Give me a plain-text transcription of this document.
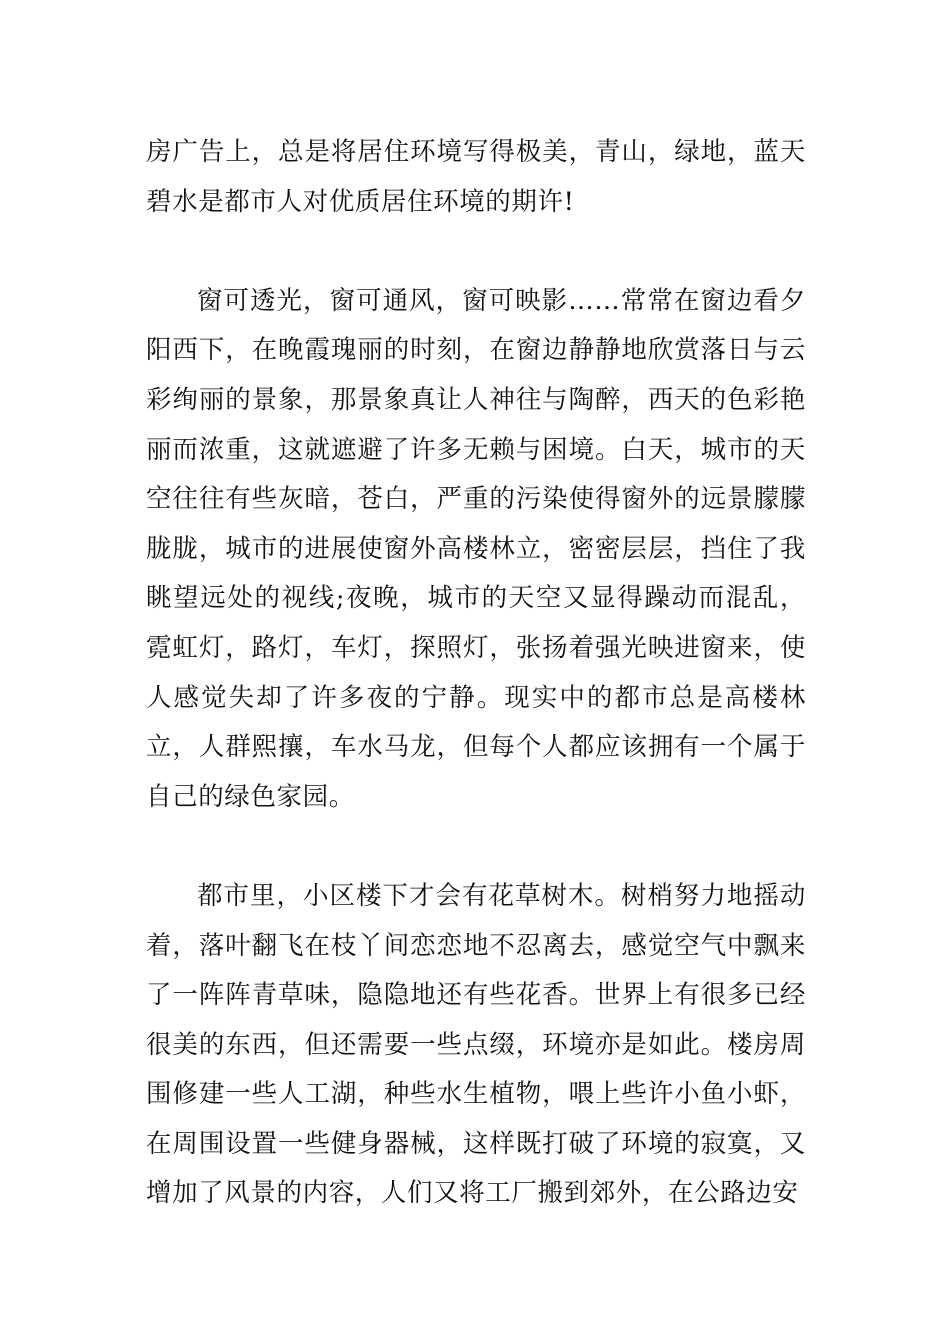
房广告上，总是将居住环境写得极美，青山，绿地，蓝天碧水是都市人对优质居住环境的期许!

窗可透光，窗可通风，窗可映影……常常在窗边看夕阳西下，在晚霞瑰丽的时刻，在窗边静静地欣赏落日与云彩绚丽的景象，那景象真让人神往与陶醉，西天的色彩艳丽而浓重，这就遮避了许多无赖与困境。白天，城市的天空往往有些灰暗，苍白，严重的污染使得窗外的远景朦朦胧胧，城市的进展使窗外高楼林立，密密层层，挡住了我眺望远处的视线;夜晚，城市的天空又显得躁动而混乱，霓虹灯，路灯，车灯，探照灯，张扬着强光映进窗来，使人感觉失却了许多夜的宁静。现实中的都市总是高楼林立，人群熙攘，车水马龙，但每个人都应该拥有一个属于自己的绿色家园。

都市里，小区楼下才会有花草树木。树梢努力地摇动着，落叶翻飞在枝丫间恋恋地不忍离去，感觉空气中飘来了一阵阵青草味，隐隐地还有些花香。世界上有很多已经很美的东西，但还需要一些点缀，环境亦是如此。楼房周围修建一些人工湖，种些水生植物，喂上些许小鱼小虾，在周围设置一些健身器械，这样既打破了环境的寂寞，又增加了风景的内容，人们又将工厂搬到郊外，在公路边安
